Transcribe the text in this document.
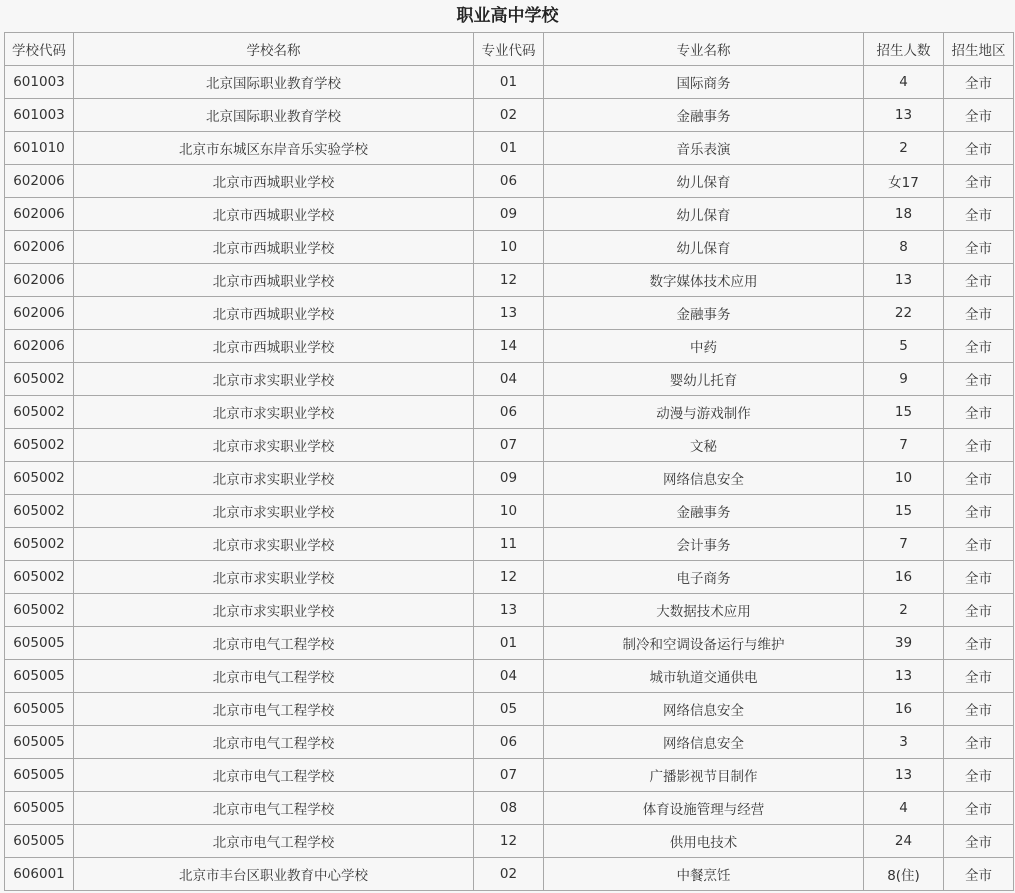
职业高中学校
学校代码	学校名称	专业代码	专业名称	招生人数	招生地区
601003	北京国际职业教育学校	01	国际商务	4	全市
601003	北京国际职业教育学校	02	金融事务	13	全市
601010	北京市东城区东岸音乐实验学校	01	音乐表演	2	全市
602006	北京市西城职业学校	06	幼儿保育	女17	全市
602006	北京市西城职业学校	09	幼儿保育	18	全市
602006	北京市西城职业学校	10	幼儿保育	8	全市
602006	北京市西城职业学校	12	数字媒体技术应用	13	全市
602006	北京市西城职业学校	13	金融事务	22	全市
602006	北京市西城职业学校	14	中药	5	全市
605002	北京市求实职业学校	04	婴幼儿托育	9	全市
605002	北京市求实职业学校	06	动漫与游戏制作	15	全市
605002	北京市求实职业学校	07	文秘	7	全市
605002	北京市求实职业学校	09	网络信息安全	10	全市
605002	北京市求实职业学校	10	金融事务	15	全市
605002	北京市求实职业学校	11	会计事务	7	全市
605002	北京市求实职业学校	12	电子商务	16	全市
605002	北京市求实职业学校	13	大数据技术应用	2	全市
605005	北京市电气工程学校	01	制冷和空调设备运行与维护	39	全市
605005	北京市电气工程学校	04	城市轨道交通供电	13	全市
605005	北京市电气工程学校	05	网络信息安全	16	全市
605005	北京市电气工程学校	06	网络信息安全	3	全市
605005	北京市电气工程学校	07	广播影视节目制作	13	全市
605005	北京市电气工程学校	08	体育设施管理与经营	4	全市
605005	北京市电气工程学校	12	供用电技术	24	全市
606001	北京市丰台区职业教育中心学校	02	中餐烹饪	8(住)	全市
